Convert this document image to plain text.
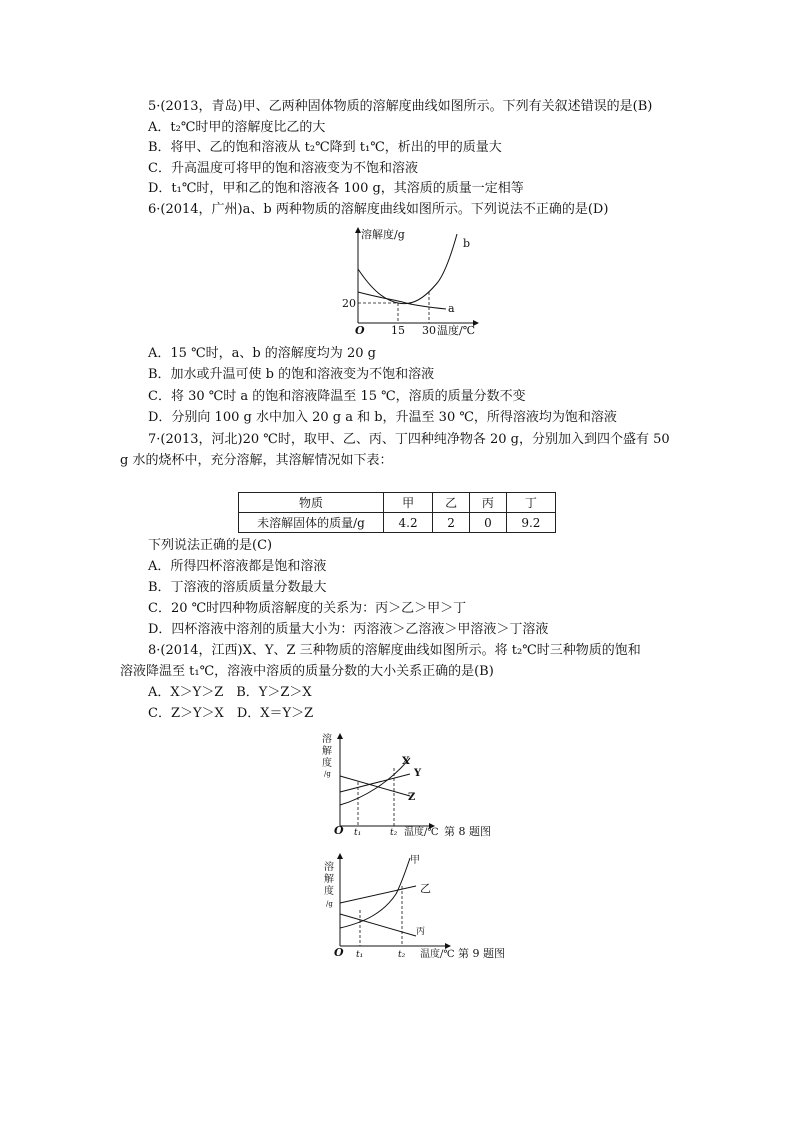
5·(2013，青岛)甲、乙两种固体物质的溶解度曲线如图所示。下列有关叙述错误的是(B)
A．t₂℃时甲的溶解度比乙的大
B．将甲、乙的饱和溶液从 t₂℃降到 t₁℃，析出的甲的质量大
C．升高温度可将甲的饱和溶液变为不饱和溶液
D．t₁℃时，甲和乙的饱和溶液各 100 g，其溶质的质量一定相等
6·(2014，广州)a、b 两种物质的溶解度曲线如图所示。下列说法不正确的是(D)
溶解度/g
b
a
20
O 15 30 温度/℃
A．15 ℃时，a、b 的溶解度均为 20 g
B．加水或升温可使 b 的饱和溶液变为不饱和溶液
C．将 30 ℃时 a 的饱和溶液降温至 15 ℃，溶质的质量分数不变
D．分别向 100 g 水中加入 20 g a 和 b，升温至 30 ℃，所得溶液均为饱和溶液
7·(2013，河北)20 ℃时，取甲、乙、丙、丁四种纯净物各 20 g，分别加入到四个盛有 50
g 水的烧杯中，充分溶解，其溶解情况如下表：
物质	甲	乙	丙	丁
未溶解固体的质量/g	4.2	2	0	9.2
下列说法正确的是(C)
A．所得四杯溶液都是饱和溶液
B．丁溶液的溶质质量分数最大
C．20 ℃时四种物质溶解度的关系为：丙＞乙＞甲＞丁
D．四杯溶液中溶剂的质量大小为：丙溶液＞乙溶液＞甲溶液＞丁溶液
8·(2014，江西)X、Y、Z 三种物质的溶解度曲线如图所示。将 t₂℃时三种物质的饱和
溶液降温至 t₁℃，溶液中溶质的质量分数的大小关系正确的是(B)
A．X＞Y＞Z　B．Y＞Z＞X
C．Z＞Y＞X　D．X＝Y＞Z
溶
解
度
/g
X
Y
Z
O t₁	t₂ 温度/℃ 第 8 题图
溶
解
度
/g
甲
乙
丙
O t₁	t₂ 温度/℃ 第 9 题图
